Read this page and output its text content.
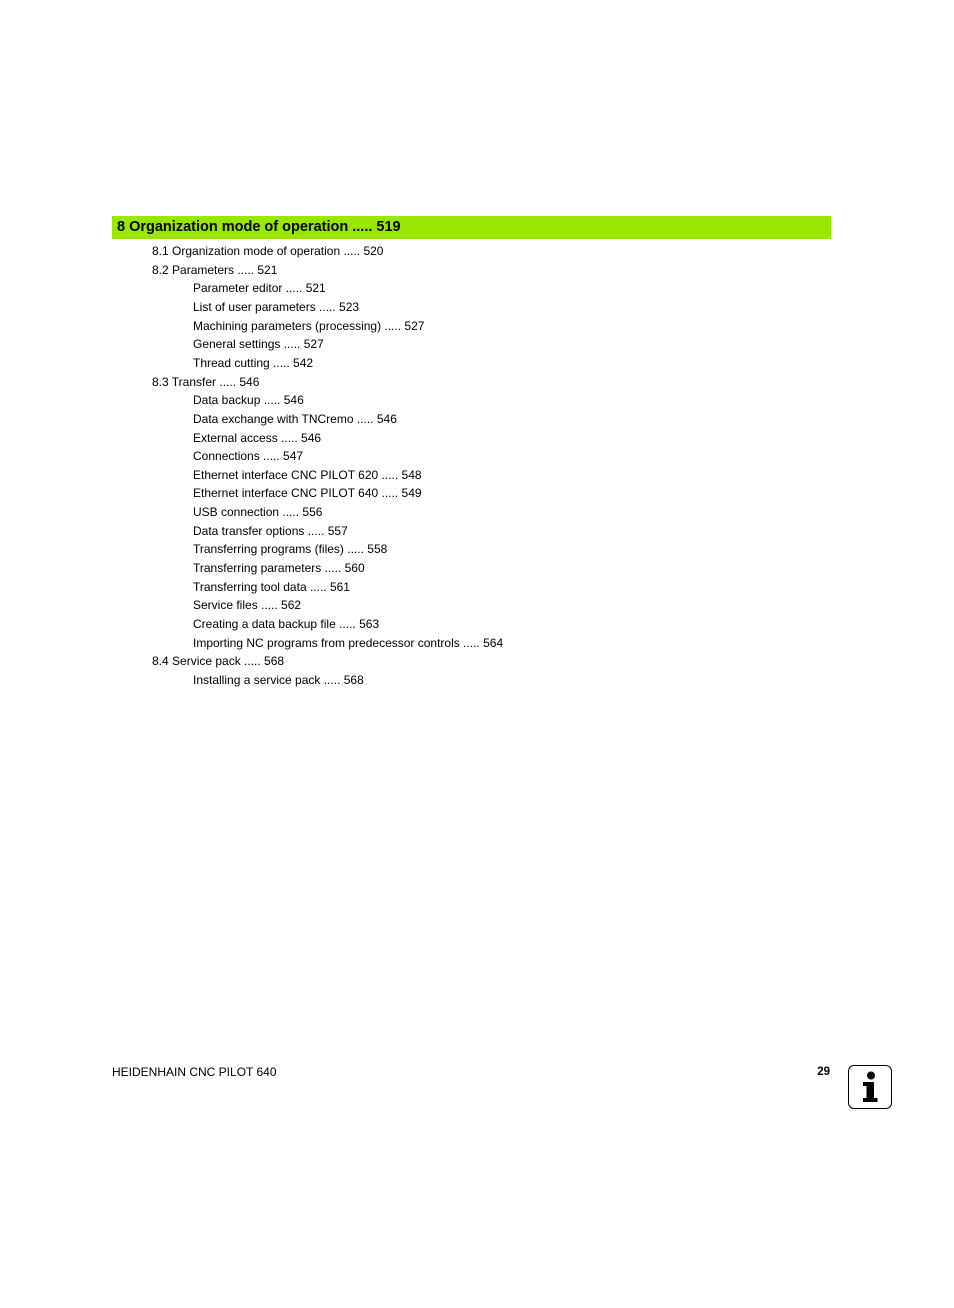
8 Organization mode of operation ..... 519
8.1 Organization mode of operation ..... 520
8.2 Parameters ..... 521
Parameter editor ..... 521
List of user parameters ..... 523
Machining parameters (processing) ..... 527
General settings ..... 527
Thread cutting ..... 542
8.3 Transfer ..... 546
Data backup ..... 546
Data exchange with TNCremo ..... 546
External access ..... 546
Connections ..... 547
Ethernet interface CNC PILOT 620 ..... 548
Ethernet interface CNC PILOT 640 ..... 549
USB connection ..... 556
Data transfer options ..... 557
Transferring programs (files) ..... 558
Transferring parameters ..... 560
Transferring tool data ..... 561
Service files ..... 562
Creating a data backup file ..... 563
Importing NC programs from predecessor controls ..... 564
8.4 Service pack ..... 568
Installing a service pack ..... 568
HEIDENHAIN CNC PILOT 640	29
